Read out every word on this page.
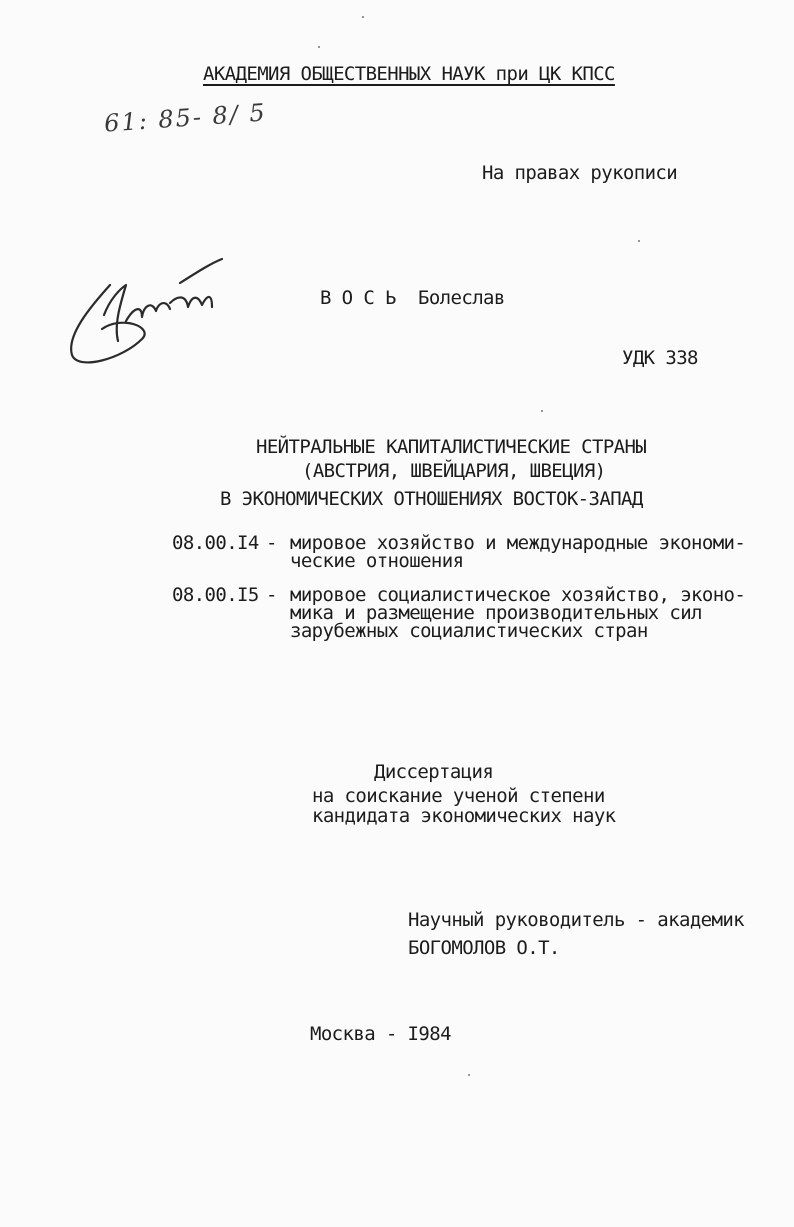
АКАДЕМИЯ ОБЩЕСТВЕННЫХ НАУК при ЦК КПСС
61: 85- 8/ 5
На правах рукописи
В О С Ь Болеслав
УДК 338
НЕЙТРАЛЬНЫЕ КАПИТАЛИСТИЧЕСКИЕ СТРАНЫ
(АВСТРИЯ, ШВЕЙЦАРИЯ, ШВЕЦИЯ)
В ЭКОНОМИЧЕСКИХ ОТНОШЕНИЯХ ВОСТОК-ЗАПАД
08.00.I4 - мировое хозяйство и международные экономи-
ческие отношения
08.00.I5 - мировое социалистическое хозяйство, эконо-
мика и размещение производительных сил
зарубежных социалистических стран
Диссертация
на соискание ученой степени
кандидата экономических наук
Научный руководитель - академик
БОГОМОЛОВ О.Т.
Москва - I984
